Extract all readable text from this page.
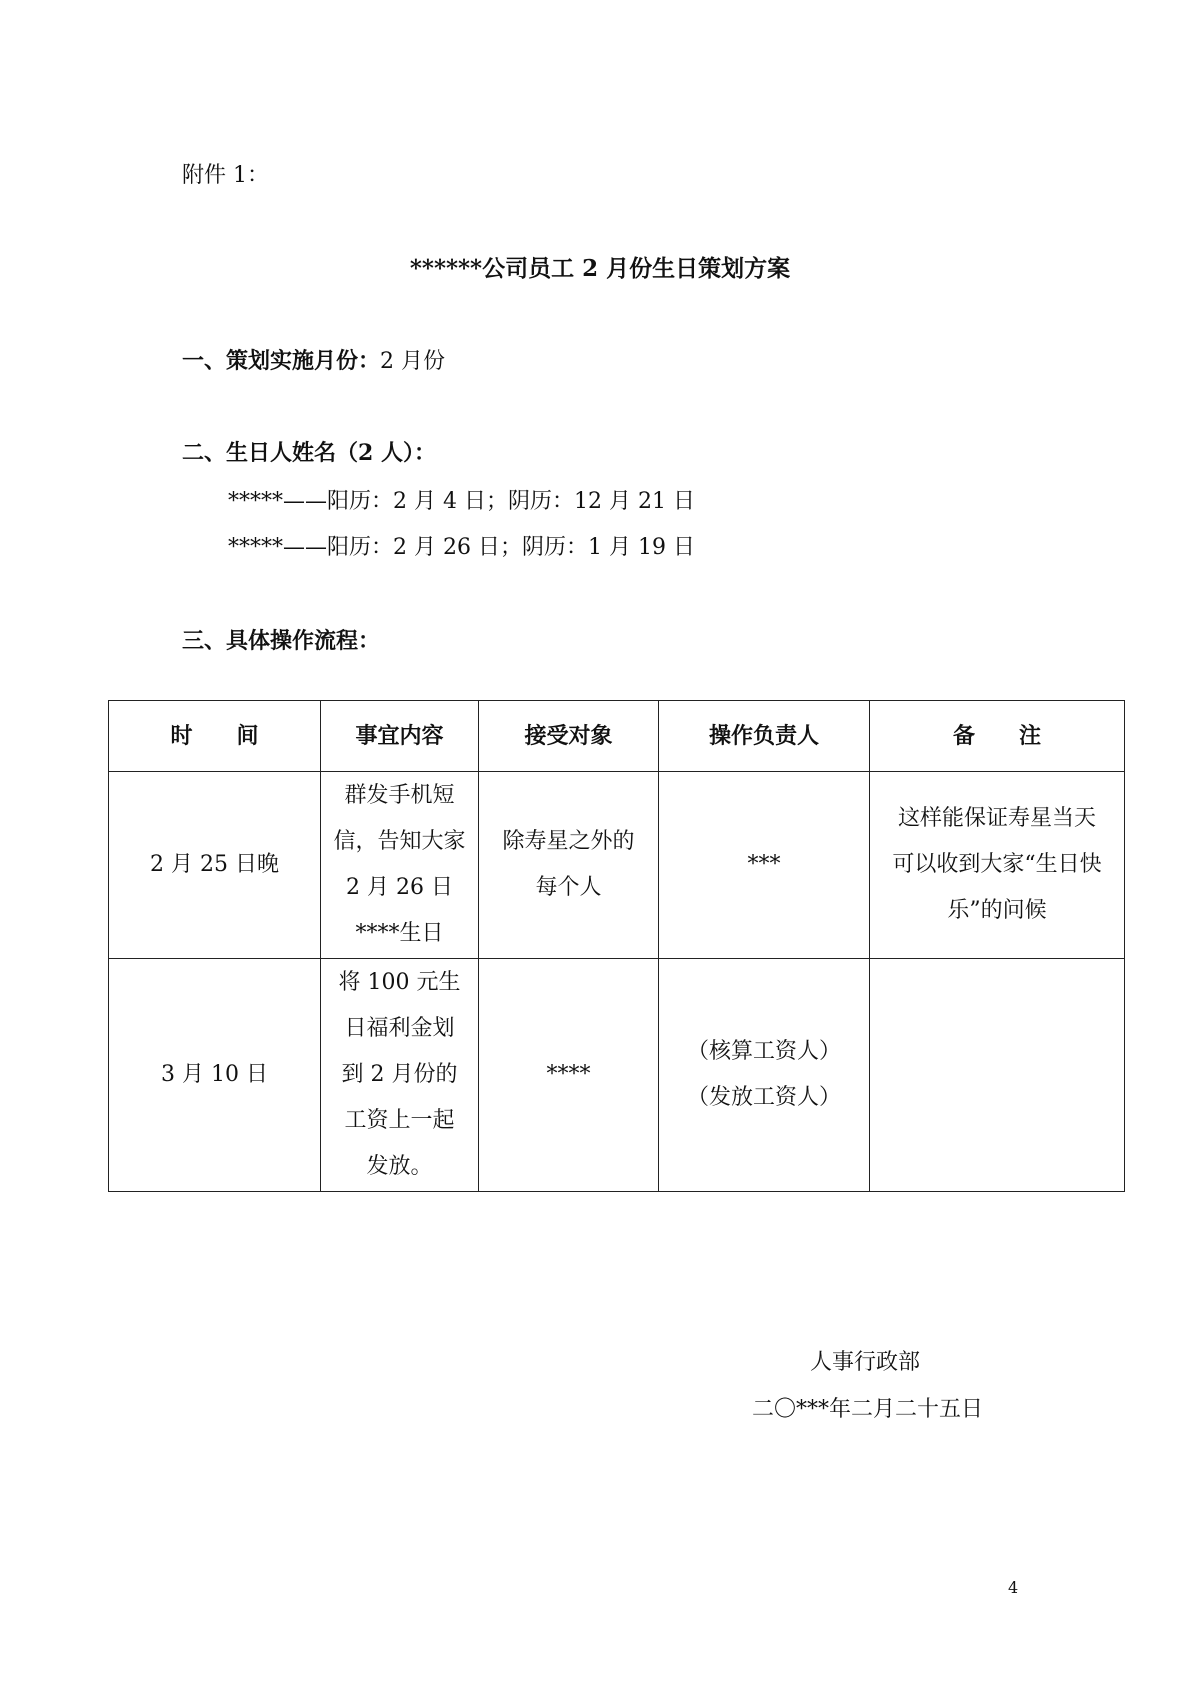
附件 1：
******公司员工 2 月份生日策划方案
一、策划实施月份：2 月份
二、生日人姓名（2 人）：
*****——阳历：2 月 4 日；阴历：12 月 21 日
*****——阳历：2 月 26 日；阴历：1 月 19 日
三、具体操作流程：
时　　间	事宜内容	接受对象	操作负责人	备　　注
2 月 25 日晚	群发手机短
信，告知大家
2 月 26 日
****生日	除寿星之外的
每个人	***	这样能保证寿星当天
可以收到大家“生日快
乐”的问候

3 月 10 日	将 100 元生
日福利金划
到 2 月份的
工资上一起
发放。	****	（核算工资人）
（发放工资人）	

人事行政部
二〇***年二月二十五日
4
